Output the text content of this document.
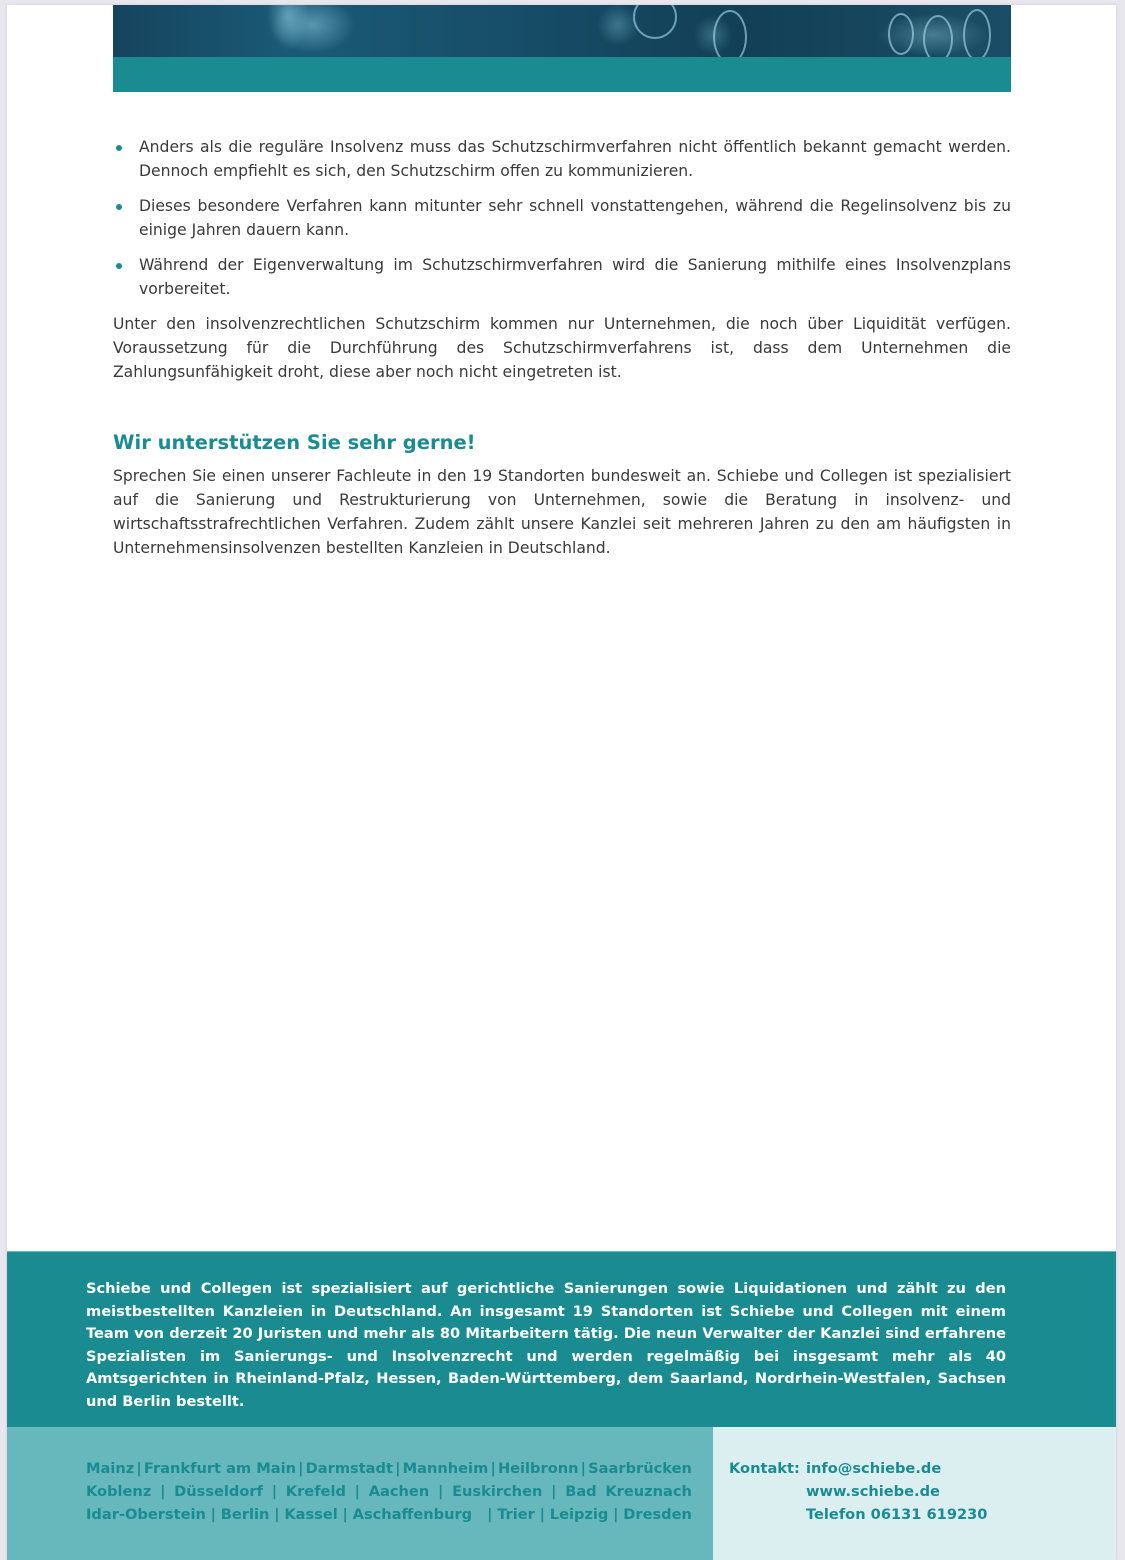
Anders als die reguläre Insolvenz muss das Schutzschirmverfahren nicht öffentlich bekannt gemacht werden. Dennoch empfiehlt es sich, den Schutzschirm offen zu kommunizieren.
Dieses besondere Verfahren kann mitunter sehr schnell vonstattengehen, während die Regelinsolvenz bis zu einige Jahren dauern kann.
Während der Eigenverwaltung im Schutzschirmverfahren wird die Sanierung mithilfe eines Insolvenzplans vorbereitet.

Unter den insolvenzrechtlichen Schutzschirm kommen nur Unternehmen, die noch über Liquidität verfügen. Voraussetzung für die Durchführung des Schutzschirmverfahrens ist, dass dem Unternehmen die Zahlungsunfähigkeit droht, diese aber noch nicht eingetreten ist.

Wir unterstützen Sie sehr gerne!

Sprechen Sie einen unserer Fachleute in den 19 Standorten bundesweit an. Schiebe und Collegen ist spezialisiert auf die Sanierung und Restrukturierung von Unternehmen, sowie die Beratung in insolvenz- und wirtschaftsstrafrechtlichen Verfahren. Zudem zählt unsere Kanzlei seit mehreren Jahren zu den am häufigsten in Unternehmensinsolvenzen bestellten Kanzleien in Deutschland.

Schiebe und Collegen ist spezialisiert auf gerichtliche Sanierungen sowie Liquidationen und zählt zu den meistbestellten Kanzleien in Deutschland. An insgesamt 19 Standorten ist Schiebe und Collegen mit einem Team von derzeit 20 Juristen und mehr als 80 Mitarbeitern tätig. Die neun Verwalter der Kanzlei sind erfahrene Spezialisten im Sanierungs- und Insolvenzrecht und werden regelmäßig bei insgesamt mehr als 40 Amtsgerichten in Rheinland-Pfalz, Hessen, Baden-Württemberg, dem Saarland, Nordrhein-Westfalen, Sachsen und Berlin bestellt.

Mainz | Frankfurt am Main | Darmstadt | Mannheim | Heilbronn | Saarbrücken
Koblenz | Düsseldorf | Krefeld | Aachen | Euskirchen | Bad Kreuznach
Idar-Oberstein | Berlin | Kassel | Aschaffenburg | Trier | Leipzig | Dresden
Kontakt: info@schiebe.de
www.schiebe.de
Telefon 06131 619230
